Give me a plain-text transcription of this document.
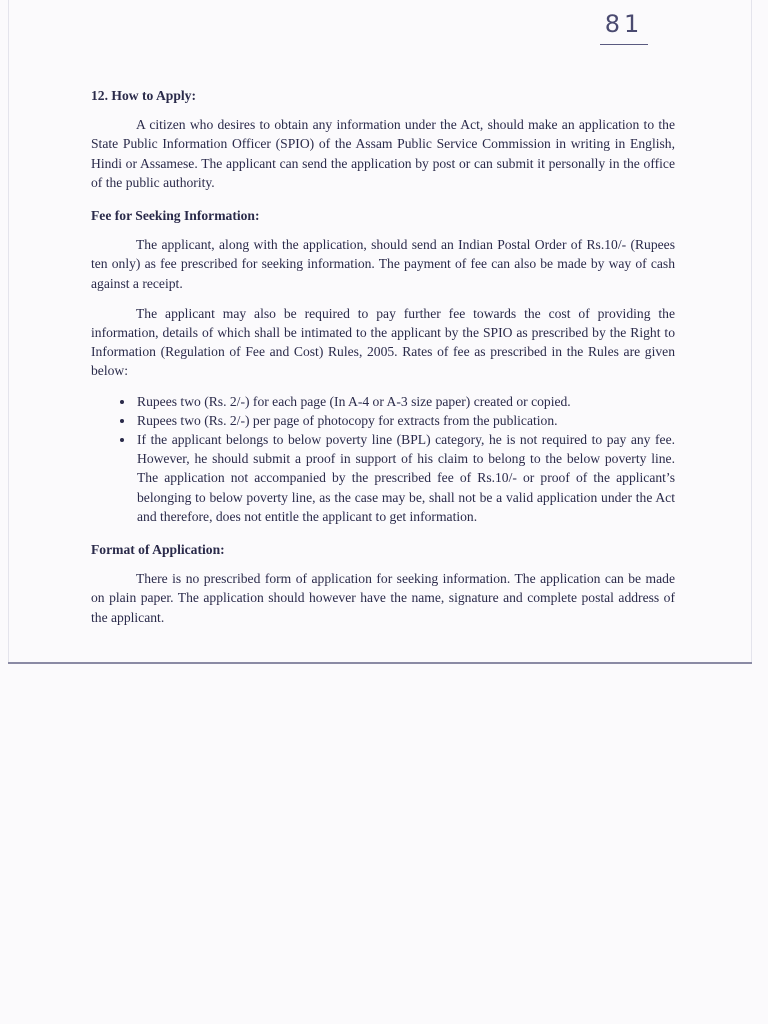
81
12. How to Apply:

A citizen who desires to obtain any information under the Act, should make an application to the State Public Information Officer (SPIO) of the Assam Public Service Commission in writing in English, Hindi or Assamese. The applicant can send the application by post or can submit it personally in the office of the public authority.

Fee for Seeking Information:

The applicant, along with the application, should send an Indian Postal Order of Rs.10/- (Rupees ten only) as fee prescribed for seeking information. The payment of fee can also be made by way of cash against a receipt.

The applicant may also be required to pay further fee towards the cost of providing the information, details of which shall be intimated to the applicant by the SPIO as prescribed by the Right to Information (Regulation of Fee and Cost) Rules, 2005. Rates of fee as prescribed in the Rules are given below:

• Rupees two (Rs. 2/-) for each page (In A-4 or A-3 size paper) created or copied.
• Rupees two (Rs. 2/-) per page of photocopy for extracts from the publication.
• If the applicant belongs to below poverty line (BPL) category, he is not required to pay any fee. However, he should submit a proof in support of his claim to belong to the below poverty line. The application not accompanied by the prescribed fee of Rs.10/- or proof of the applicant’s belonging to below poverty line, as the case may be, shall not be a valid application under the Act and therefore, does not entitle the applicant to get information.
Format of Application:

There is no prescribed form of application for seeking information. The application can be made on plain paper. The application should however have the name, signature and complete postal address of the applicant.
